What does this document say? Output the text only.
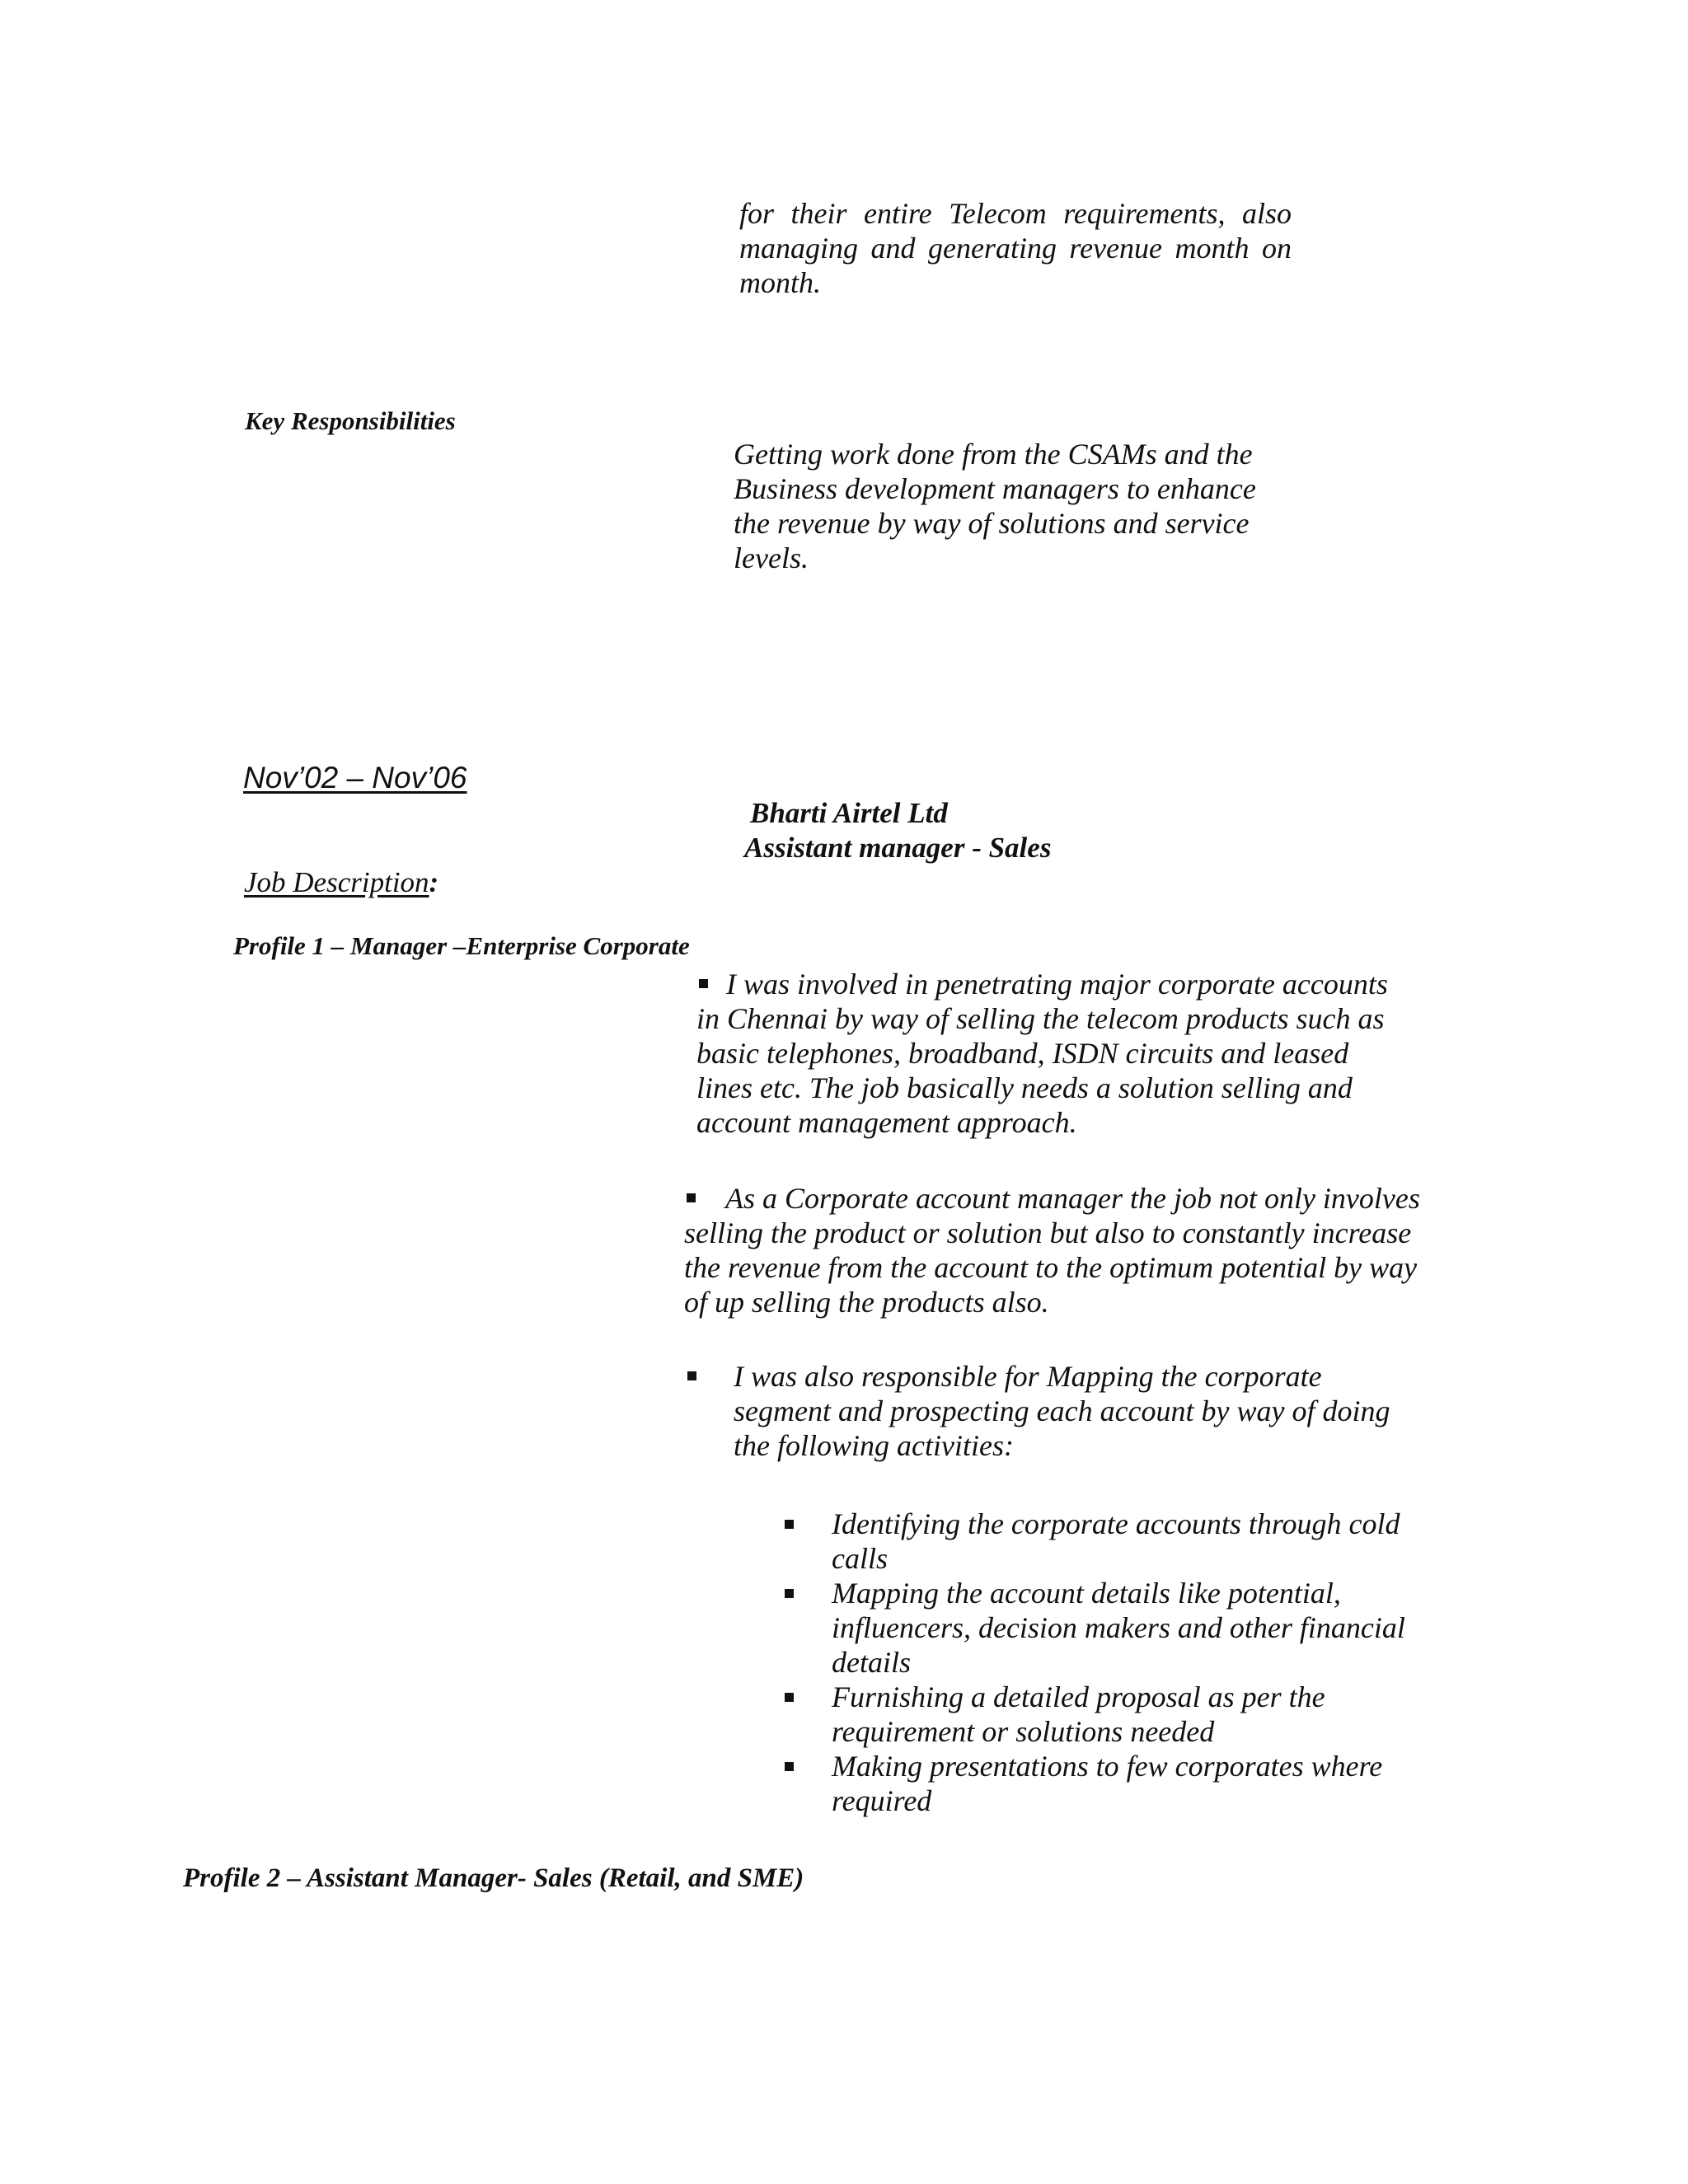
for their entire Telecom requirements, also
managing and generating revenue month on
month.
Key Responsibilities
Getting work done from the CSAMs and the
Business development managers to enhance
the revenue by way of solutions and service
levels.
Nov’02 – Nov’06
Bharti Airtel Ltd
Assistant manager - Sales
Job Description:
Profile 1 – Manager –Enterprise Corporate
I was involved in penetrating major corporate accounts
in Chennai by way of selling the telecom products such as
basic telephones, broadband, ISDN circuits and leased
lines etc. The job basically needs a solution selling and
account management approach.
As a Corporate account manager the job not only involves
selling the product or solution but also to constantly increase
the revenue from the account to the optimum potential by way
of up selling the products also.
I was also responsible for Mapping the corporate
segment and prospecting each account by way of doing
the following activities:
Identifying the corporate accounts through cold
calls
Mapping the account details like potential,
influencers, decision makers and other financial
details
Furnishing a detailed proposal as per the
requirement or solutions needed
Making presentations to few corporates where
required
Profile 2 – Assistant Manager- Sales (Retail, and SME)
